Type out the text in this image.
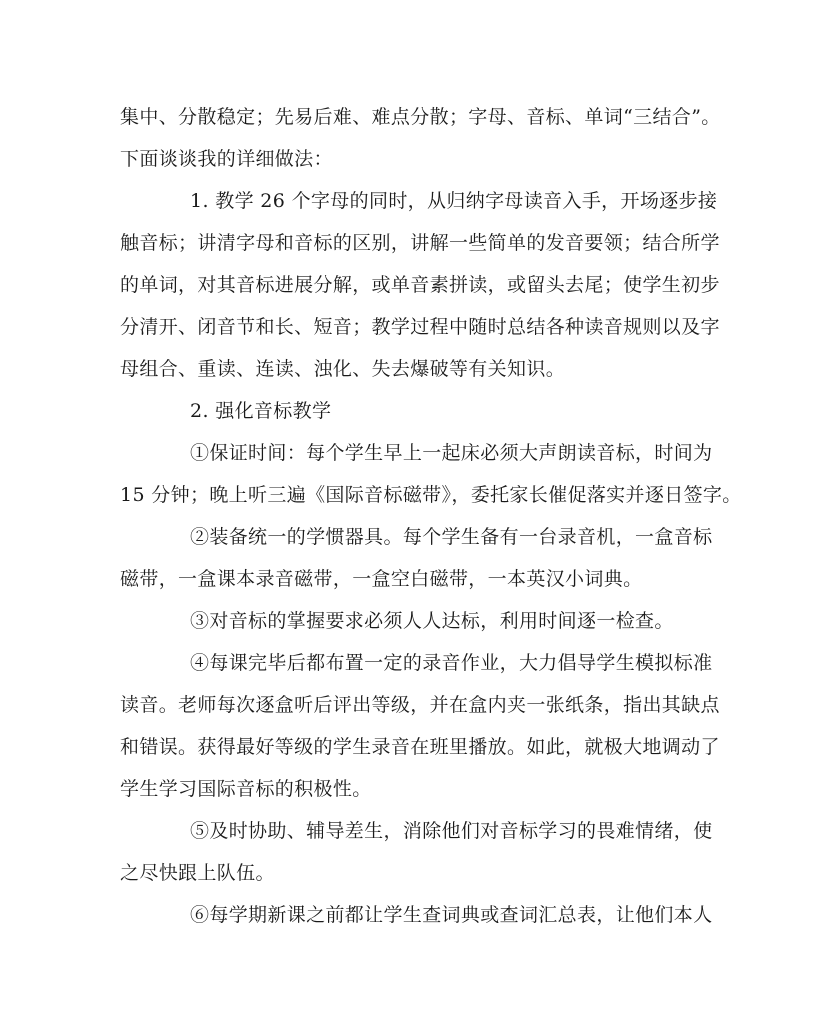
集中、分散稳定；先易后难、难点分散；字母、音标、单词“三结合”。
下面谈谈我的详细做法：
1. 教学 26 个字母的同时，从归纳字母读音入手，开场逐步接
触音标；讲清字母和音标的区别，讲解一些简单的发音要领；结合所学
的单词，对其音标进展分解，或单音素拼读，或留头去尾；使学生初步
分清开、闭音节和长、短音；教学过程中随时总结各种读音规则以及字
母组合、重读、连读、浊化、失去爆破等有关知识。
2. 强化音标教学
①保证时间：每个学生早上一起床必须大声朗读音标，时间为
15 分钟；晚上听三遍《国际音标磁带》，委托家长催促落实并逐日签字。
②装备统一的学惯器具。每个学生备有一台录音机，一盒音标
磁带，一盒课本录音磁带，一盒空白磁带，一本英汉小词典。
③对音标的掌握要求必须人人达标，利用时间逐一检查。
④每课完毕后都布置一定的录音作业，大力倡导学生模拟标准
读音。老师每次逐盒听后评出等级，并在盒内夹一张纸条，指出其缺点
和错误。获得最好等级的学生录音在班里播放。如此，就极大地调动了
学生学习国际音标的积极性。
⑤及时协助、辅导差生，消除他们对音标学习的畏难情绪，使
之尽快跟上队伍。
⑥每学期新课之前都让学生查词典或查词汇总表，让他们本人
